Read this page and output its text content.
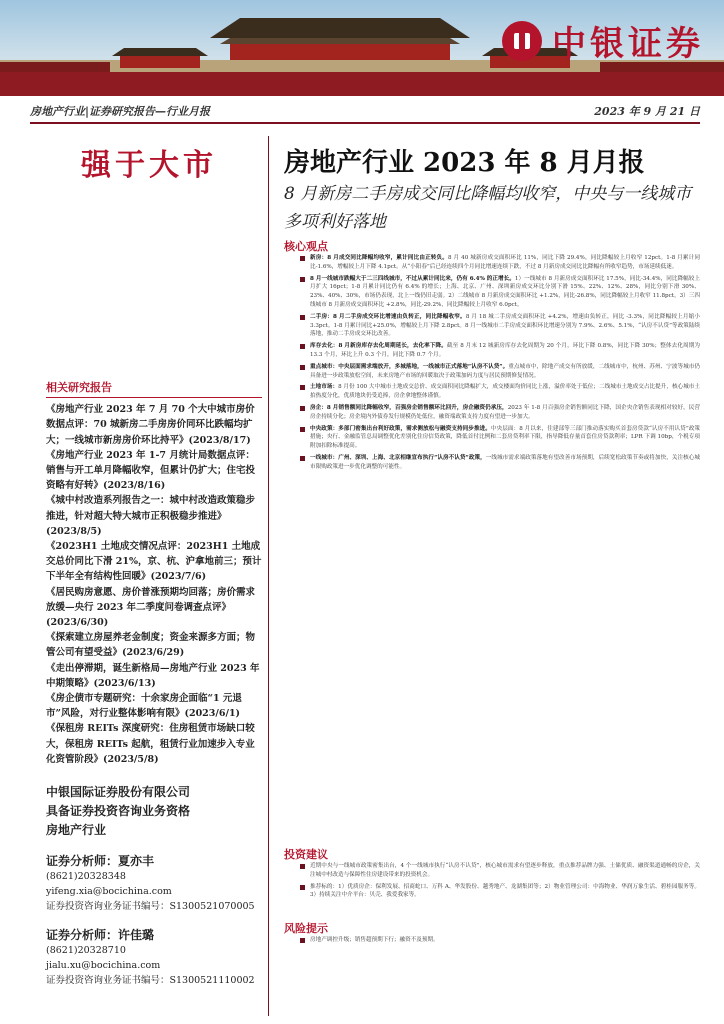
中银证券
房地产行业|证券研究报告—行业月报	2023 年 9 月 21 日
强于大市
相关研究报告
《房地产行业 2023 年 7 月 70 个大中城市房价数据点评：70 城新房二手房房价同环比跌幅均扩大；一线城市新房房价环比持平》(2023/8/17)
《房地产行业 2023 年 1-7 月统计局数据点评：销售与开工单月降幅收窄，但累计仍扩大；住宅投资略有好转》(2023/8/16)
《城中村改造系列报告之一：城中村改造政策稳步推进，针对超大特大城市正积极稳步推进》(2023/8/5)
《2023H1 土地成交情况点评：2023H1 土地成交总价同比下滑 21%，京、杭、沪拿地前三；预计下半年全有结构性回暖》(2023/7/6)
《居民购房意愿、房价普涨预期均回落；房价需求放缓—央行 2023 年二季度问卷调查点评》(2023/6/30)
《探索建立房屋养老金制度；资金来源多方面；物管公司有望受益》(2023/6/29)
《走出停滞期，诞生新格局—房地产行业 2023 年中期策略》(2023/6/13)
《房企债市专题研究：十余家房企面临“1 元退市”风险，对行业整体影响有限》(2023/6/1)
《保租房 REITs 深度研究：住房租赁市场缺口较大，保租房 REITs 起航，租赁行业加速步入专业化资管阶段》(2023/5/8)
中银国际证券股份有限公司
具备证券投资咨询业务资格
房地产行业
证券分析师：夏亦丰
(8621)20328348
yifeng.xia@bocichina.com
证券投资咨询业务证书编号：S1300521070005
证券分析师：许佳璐
(8621)20328710
jialu.xu@bocichina.com
证券投资咨询业务证书编号：S1300521110002
房地产行业 2023 年 8 月月报
8 月新房二手房成交同比降幅均收窄，中央与一线城市多项利好落地
核心观点
新房：8 月成交同比降幅均收窄，累计同比由正转负。8 月 40 城新房成交面积环比 11%，同比下降 29.4%，同比降幅较上月收窄 12pct。1-8 月累计同比-1.6%，增幅较上月下降 4.1pct。从“小阳春”后已经连续四个月同比增速连续下跌，不过 8 月新房成交同比比降幅有所收窄趋势，市场延续低迷。
8 月一线城市跌幅大于二三四线城市，不过从累计同比来，仍有 6.4% 的正增长。1）一线城市 8 月新房成交面积环比 17.5%，同比-34.4%，同比降幅较上月扩大 16pct；1-8 月累计同比仍有 6.4% 的增长；上海、北京、广州、深圳新房成交环比分别下滑 15%、22%、12%、28%，同比分别下滑 30%、23%、40%、30%，市场仍表现，北上一线仍旧走弱。2）二线城市 8 月新房成交面积环比 +1.2%，同比-26.8%，同比降幅较上月收窄 11.8pct。3）三四线城市 8 月新房成交面积环比 +2.8%，同比-29.2%，同比降幅较上月收窄 6.0pct。
二手房：8 月二手房成交环比增速由负转正，同比降幅收窄。8 月 18 城二手房成交面积环比 +4.2%，增速由负转正，同比 -3.3%，同比降幅较上月缩小 3.3pct。1-8 月累计同比+25.0%，增幅较上月下降 2.8pct。8 月一线城市二手房成交面积环比增速分别为 7.9%、2.6%、5.1%，“认房不认贷”等政策陆续落地，推动二手房成交环比改善。
库存去化：8 月新房库存去化周期延长，去化率下降。截至 8 月末 12 城新房库存去化周期为 20 个月，环比下降 0.8%，同比下降 30%；整体去化周期为 13.3 个月，环比上升 0.3 个月，同比下降 0.7 个月。
重点城市：中央层面需求端放开，多城落地，一线城市正式落地“认房不认贷”。重点城市中，除地产成交有所放缓，二线城市中，杭州、苏州、宁波等城市仍具备进一步政策放松空间，未来房地产市场的回暖取决于政策加码力度与居民预期修复情况。
土地市场：8 月份 100 大中城市土地成交总价、成交面积同比降幅扩大，成交楼面均价同比上涨，溢价率处于低位；二线城市土地成交占比提升，核心城市土拍热度分化，优质地块仍受追捧，房企拿地整体谨慎。
房企：8 月销售额同比降幅收窄，百强房企销售额环比回升，房企融资仍承压，2023 年 1-8 月百强房企销售额同比下降，国企央企销售表现相对较好，民营房企持续分化；房企境内外债券发行规模仍处低位，融资端政策支持力度有望进一步加大。
中央政策：多部门密集出台利好政策，需求侧放松与融资支持同步推进。中央层面：8 月以来，住建部等三部门推动落实购买首套房贷款“认房不用认贷”政策措施；央行、金融监管总局调整优化差别化住房信贷政策，降低首付比例和二套房贷利率下限，指导降低存量首套住房贷款利率；LPR 下调 10bp，个税专项附加扣除标准提高。
一线城市：广州、深圳、上海、北京相继宣布执行“认房不认贷”政策，一线城市需求端政策落地有望改善市场预期，后续宽松政策节奏或将加快，关注核心城市限购政策进一步优化调整的可能性。
投资建议
近期中央与一线城市政策密集出台，4 个一线城市执行“认房不认贷”，核心城市需求有望逐步释放，重点推荐品牌力强、土储优质、融资渠道通畅的房企，关注城中村改造与保障性住房建设带来的投资机会。
推荐标的：1）优质房企：保利发展、招商蛇口、万科 A、华发股份、越秀地产、龙湖集团等；2）物业管理公司：中海物业、华润万象生活、碧桂园服务等。3）持续关注中介平台：贝壳、我爱我家等。
风险提示
房地产调控升级；销售超预期下行；融资不及预期。
